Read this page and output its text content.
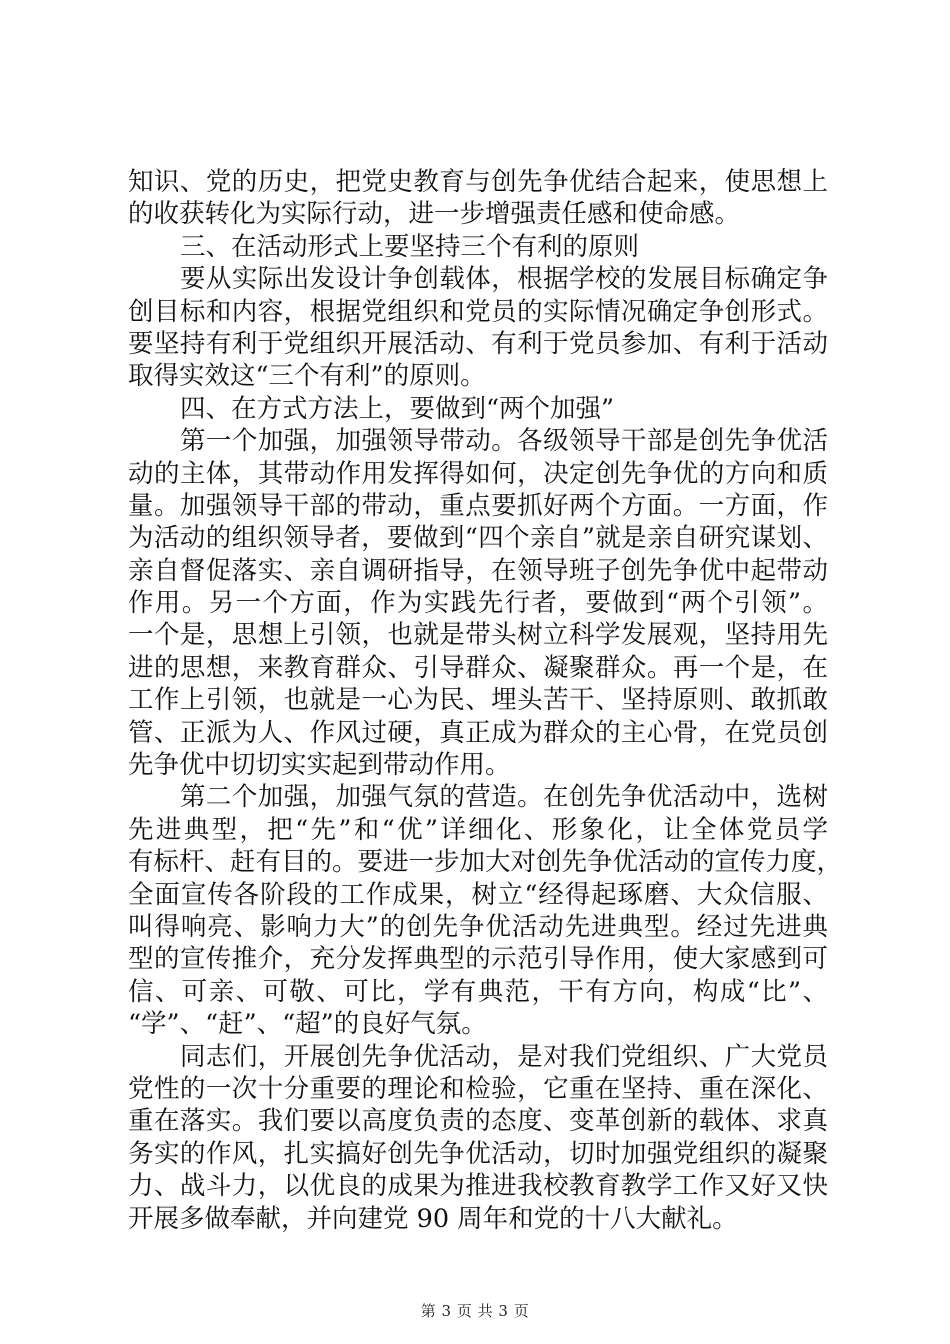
知识、党的历史，把党史教育与创先争优结合起来，使思想上
的收获转化为实际行动，进一步增强责任感和使命感。
三、在活动形式上要坚持三个有利的原则
要从实际出发设计争创载体，根据学校的发展目标确定争
创目标和内容，根据党组织和党员的实际情况确定争创形式。
要坚持有利于党组织开展活动、有利于党员参加、有利于活动
取得实效这“三个有利”的原则。
四、在方式方法上，要做到“两个加强”
第一个加强，加强领导带动。各级领导干部是创先争优活
动的主体，其带动作用发挥得如何，决定创先争优的方向和质
量。加强领导干部的带动，重点要抓好两个方面。一方面，作
为活动的组织领导者，要做到“四个亲自”就是亲自研究谋划、
亲自督促落实、亲自调研指导，在领导班子创先争优中起带动
作用。另一个方面，作为实践先行者，要做到“两个引领”。
一个是，思想上引领，也就是带头树立科学发展观，坚持用先
进的思想，来教育群众、引导群众、凝聚群众。再一个是，在
工作上引领，也就是一心为民、埋头苦干、坚持原则、敢抓敢
管、正派为人、作风过硬，真正成为群众的主心骨，在党员创
先争优中切切实实起到带动作用。
第二个加强，加强气氛的营造。在创先争优活动中，选树
先进典型，把“先”和“优”详细化、形象化，让全体党员学
有标杆、赶有目的。要进一步加大对创先争优活动的宣传力度，
全面宣传各阶段的工作成果，树立“经得起琢磨、大众信服、
叫得响亮、影响力大”的创先争优活动先进典型。经过先进典
型的宣传推介，充分发挥典型的示范引导作用，使大家感到可
信、可亲、可敬、可比，学有典范，干有方向，构成“比”、
“学”、“赶”、“超”的良好气氛。
同志们，开展创先争优活动，是对我们党组织、广大党员
党性的一次十分重要的理论和检验，它重在坚持、重在深化、
重在落实。我们要以高度负责的态度、变革创新的载体、求真
务实的作风，扎实搞好创先争优活动，切时加强党组织的凝聚
力、战斗力，以优良的成果为推进我校教育教学工作又好又快
开展多做奉献，并向建党 90 周年和党的十八大献礼。
第 3 页 共 3 页
